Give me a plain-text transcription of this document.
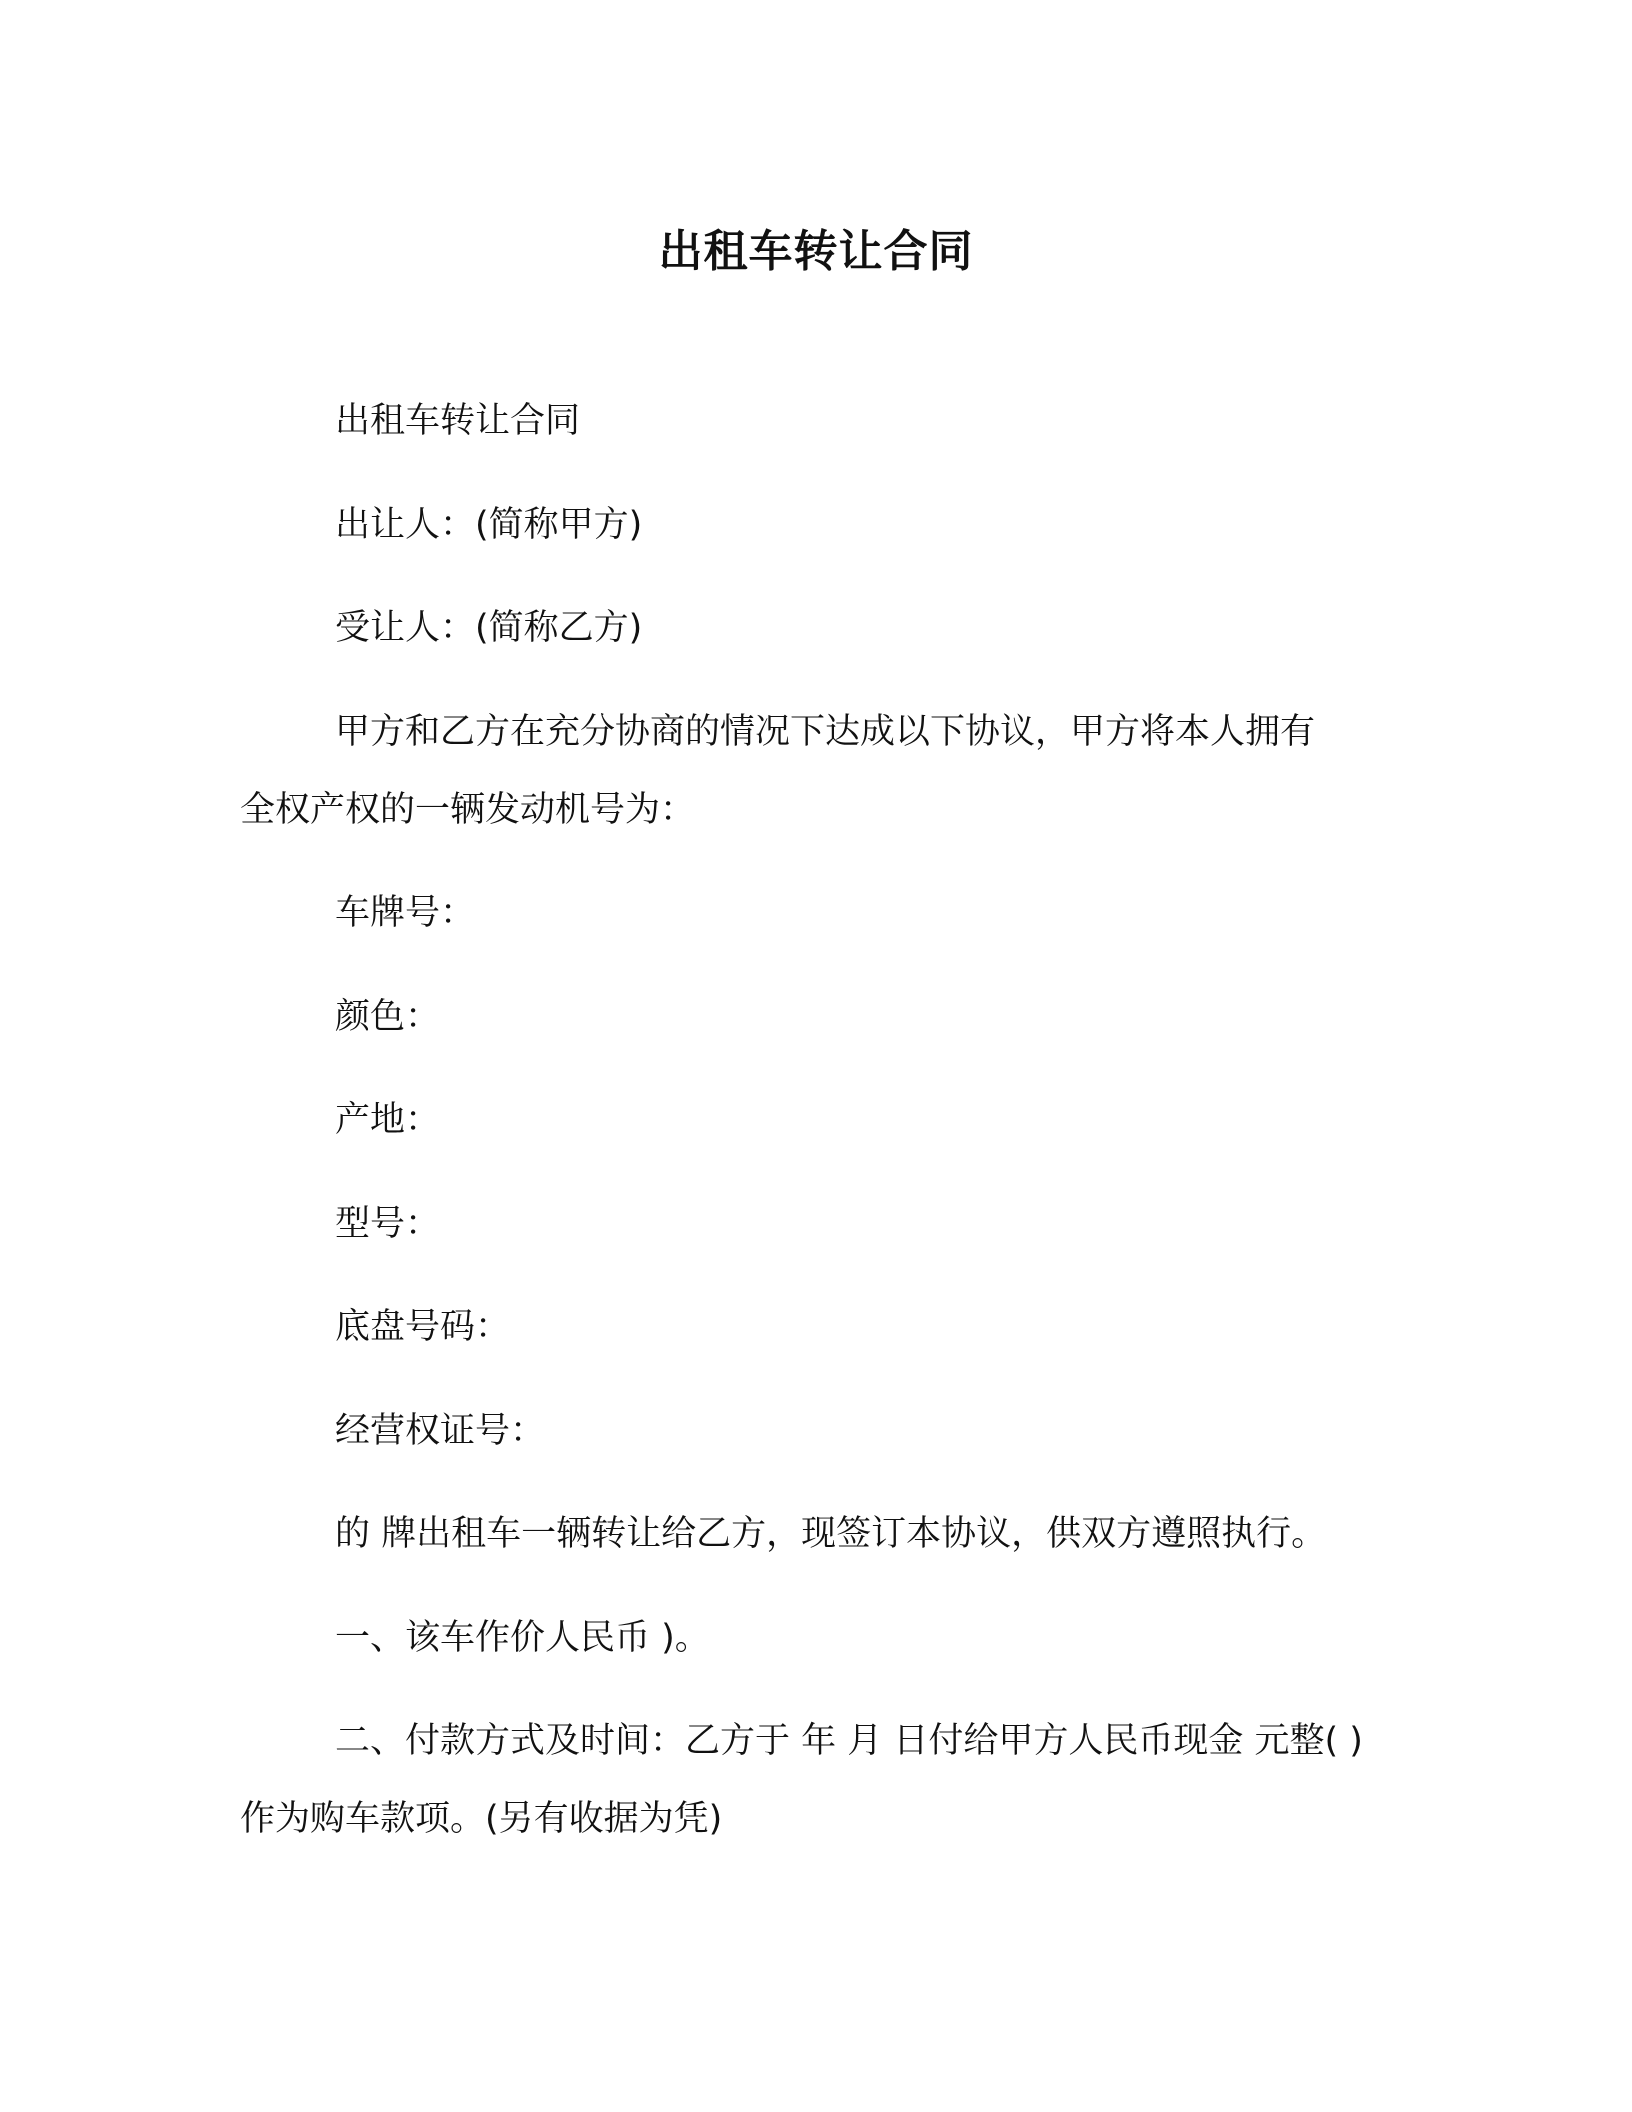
出租车转让合同
出租车转让合同
出让人：(简称甲方)
受让人：(简称乙方)
甲方和乙方在充分协商的情况下达成以下协议，甲方将本人拥有
全权产权的一辆发动机号为：
车牌号：
颜色：
产地：
型号：
底盘号码：
经营权证号：
的 牌出租车一辆转让给乙方，现签订本协议，供双方遵照执行。
一、该车作价人民币 )。
二、付款方式及时间：乙方于 年 月 日付给甲方人民币现金 元整( )
作为购车款项。(另有收据为凭)
